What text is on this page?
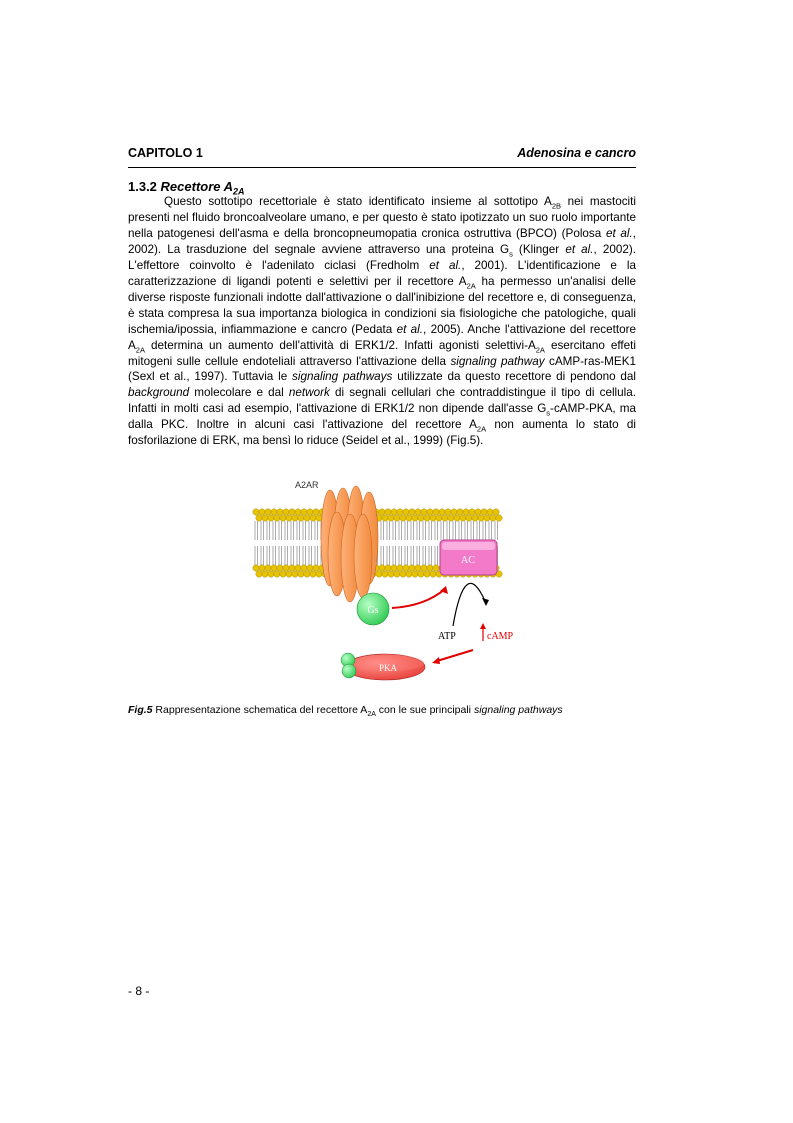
CAPITOLO 1	Adenosina e cancro
1.3.2 Recettore $A_{2A}$

Questo sottotipo recettoriale è stato identificato insieme al sottotipo $A_{2B}$ nei mastociti presenti nel fluido broncoalveolare umano, e per questo è stato ipotizzato un suo ruolo importante nella patogenesi dell'asma e della broncopneumopatia cronica ostruttiva (BPCO) (Polosa et al., 2002). La trasduzione del segnale avviene attraverso una proteina $G_s$ (Klinger et al., 2002). L'effettore coinvolto è l'adenilato ciclasi (Fredholm et al., 2001). L'identificazione e la caratterizzazione di ligandi potenti e selettivi per il recettore $A_{2A}$ ha permesso un'analisi delle diverse risposte funzionali indotte dall'attivazione o dall'inibizione del recettore e, di conseguenza, è stata compresa la sua importanza biologica in condizioni sia fisiologiche che patologiche, quali ischemia/ipossia, infiammazione e cancro (Pedata et al., 2005). Anche l'attivazione del recettore $A_{2A}$ determina un aumento dell'attività di ERK1/2. Infatti agonisti selettivi-$A_{2A}$ esercitano effeti mitogeni sulle cellule endoteliali attraverso l'attivazione della signaling pathway cAMP-ras-MEK1 (Sexl et al., 1997). Tuttavia le signaling pathways utilizzate da questo recettore di pendono dal background molecolare e dal network di segnali cellulari che contraddistingue il tipo di cellula. Infatti in molti casi ad esempio, l'attivazione di ERK1/2 non dipende dall'asse $G_s-cAMP$-PKA, ma dalla PKC. Inoltre in alcuni casi l'attivazione del recettore $A_{2A}$ non aumenta lo stato di fosforilazione di ERK, ma bensì lo riduce (Seidel et al., 1999) (Fig.5).

A2AR
AC
Gs
ATP	cAMP
PKA
Fig.5 Rappresentazione schematica del recettore $A_{2A}$ con le sue principali signaling pathways
- 8 -
